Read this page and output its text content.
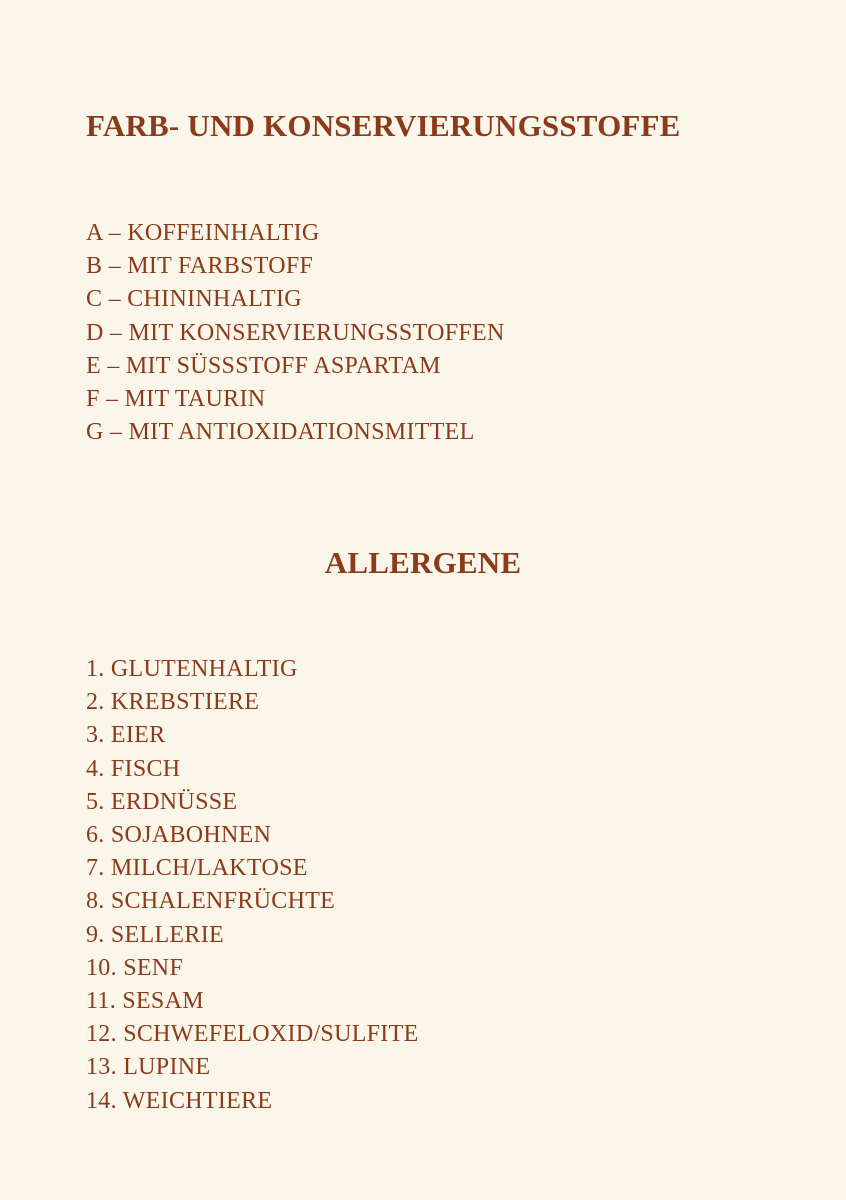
FARB- UND KONSERVIERUNGSSTOFFE
A – KOFFEINHALTIG
B – MIT FARBSTOFF
C – CHININHALTIG
D – MIT KONSERVIERUNGSSTOFFEN
E – MIT SÜSSSTOFF ASPARTAM
F – MIT TAURIN
G – MIT ANTIOXIDATIONSMITTEL
ALLERGENE
1. GLUTENHALTIG
2. KREBSTIERE
3. EIER
4. FISCH
5. ERDNÜSSE
6. SOJABOHNEN
7. MILCH/LAKTOSE
8. SCHALENFRÜCHTE
9. SELLERIE
10. SENF
11. SESAM
12. SCHWEFELOXID/SULFITE
13. LUPINE
14. WEICHTIERE
